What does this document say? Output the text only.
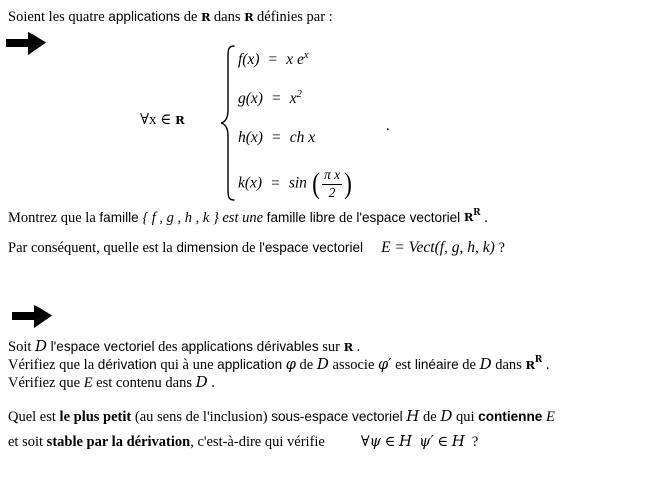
Soient les quatre applications de R dans R définies par :
∀x ∈ R
f(x) = x $e^x$
$g(x) = x^2$
h(x) = ch x
k(x) = sin ( $\frac{\text{π x}}{2}$ )
.
Montrez que la famille { f , g , h , k } est une famille libre de l'espace vectoriel $R^R$ .
Par conséquent, quelle est la dimension de l'espace vectoriel E = Vect(f, g, h, k) ?
Soit D l'espace vectoriel des applications dérivables sur R .
Vérifiez que la dérivation qui à une application φ de D associe φ′ est linéaire de D dans $R^R$ .
Vérifiez que E est contenu dans D .
Quel est le plus petit (au sens de l'inclusion) sous-espace vectoriel H de D qui contienne E
et soit stable par la dérivation, c'est-à-dire qui vérifie ∀ψ ∈ H ψ′ ∈ H ?
